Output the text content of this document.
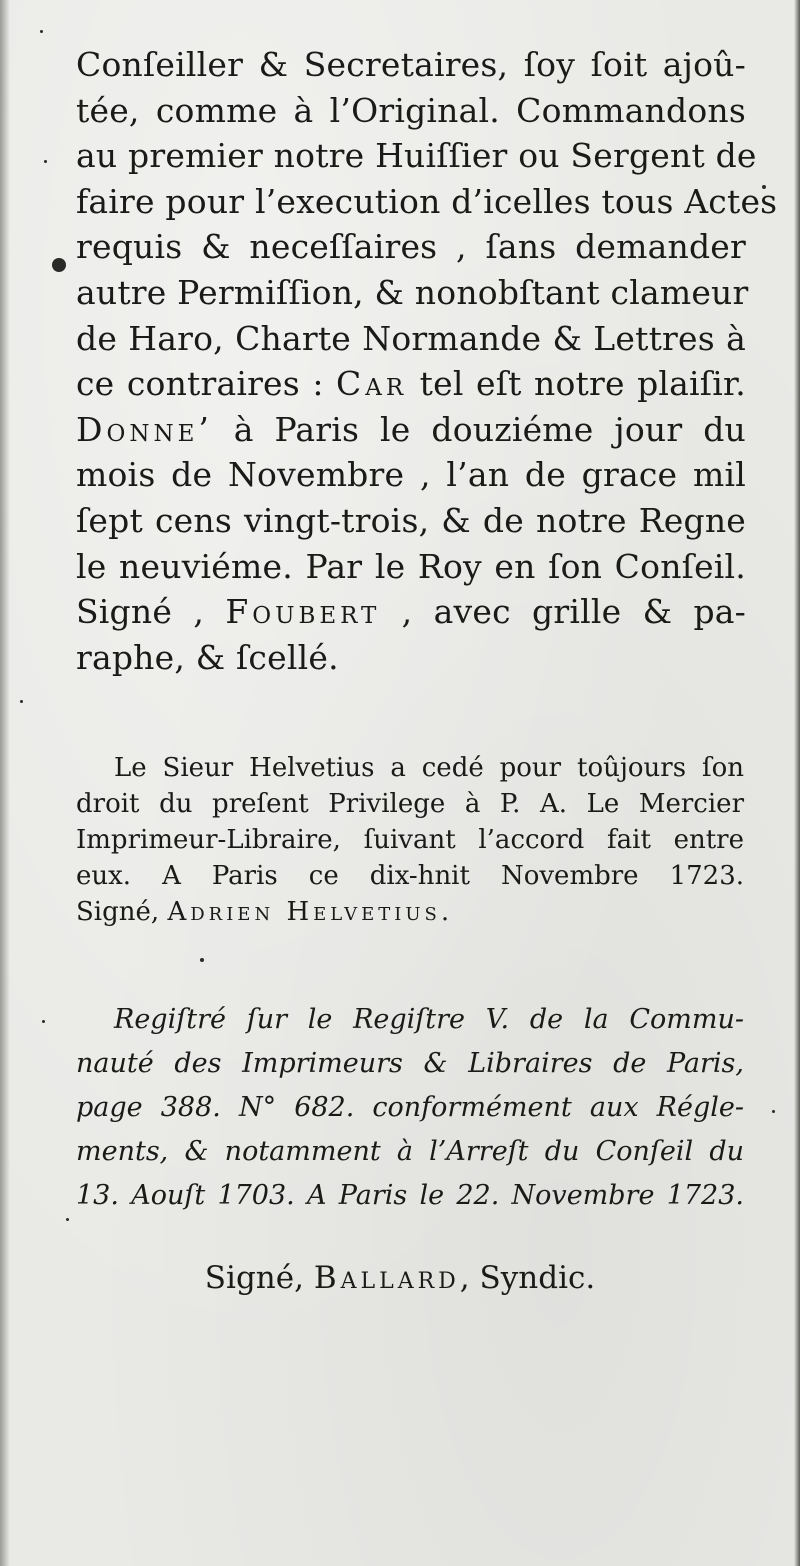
Conſeiller & Secretaires, ſoy ſoit ajoû-
tée, comme à l’Original. Commandons
au premier notre Huiſſier ou Sergent de
faire pour l’execution d’icelles tous Actes
requis & neceſſaires , ſans demander
autre Permiſſion, & nonobſtant clameur
de Haro, Charte Normande & Lettres à
ce contraires : Car tel eſt notre plaiſir.
Donne’ à Paris le douziéme jour du
mois de Novembre , l’an de grace mil
ſept cens vingt-trois, & de notre Regne
le neuviéme. Par le Roy en ſon Conſeil.
Signé , Foubert , avec grille & pa-
raphe, & ſcellé.
Le Sieur Helvetius a cedé pour toûjours ſon
droit du preſent Privilege à P. A. Le Mercier
Imprimeur-Libraire, ſuivant l’accord fait entre
eux. A Paris ce dix-hnit Novembre 1723.
Signé, Adrien Helvetius.
Regiſtré ſur le Regiſtre V. de la Commu-
nauté des Imprimeurs & Libraires de Paris,
page 388. N° 682. conformément aux Régle-
ments, & notamment à l’Arreſt du Conſeil du
13. Aouſt 1703. A Paris le 22. Novembre 1723.
Signé, Ballard, Syndic.
